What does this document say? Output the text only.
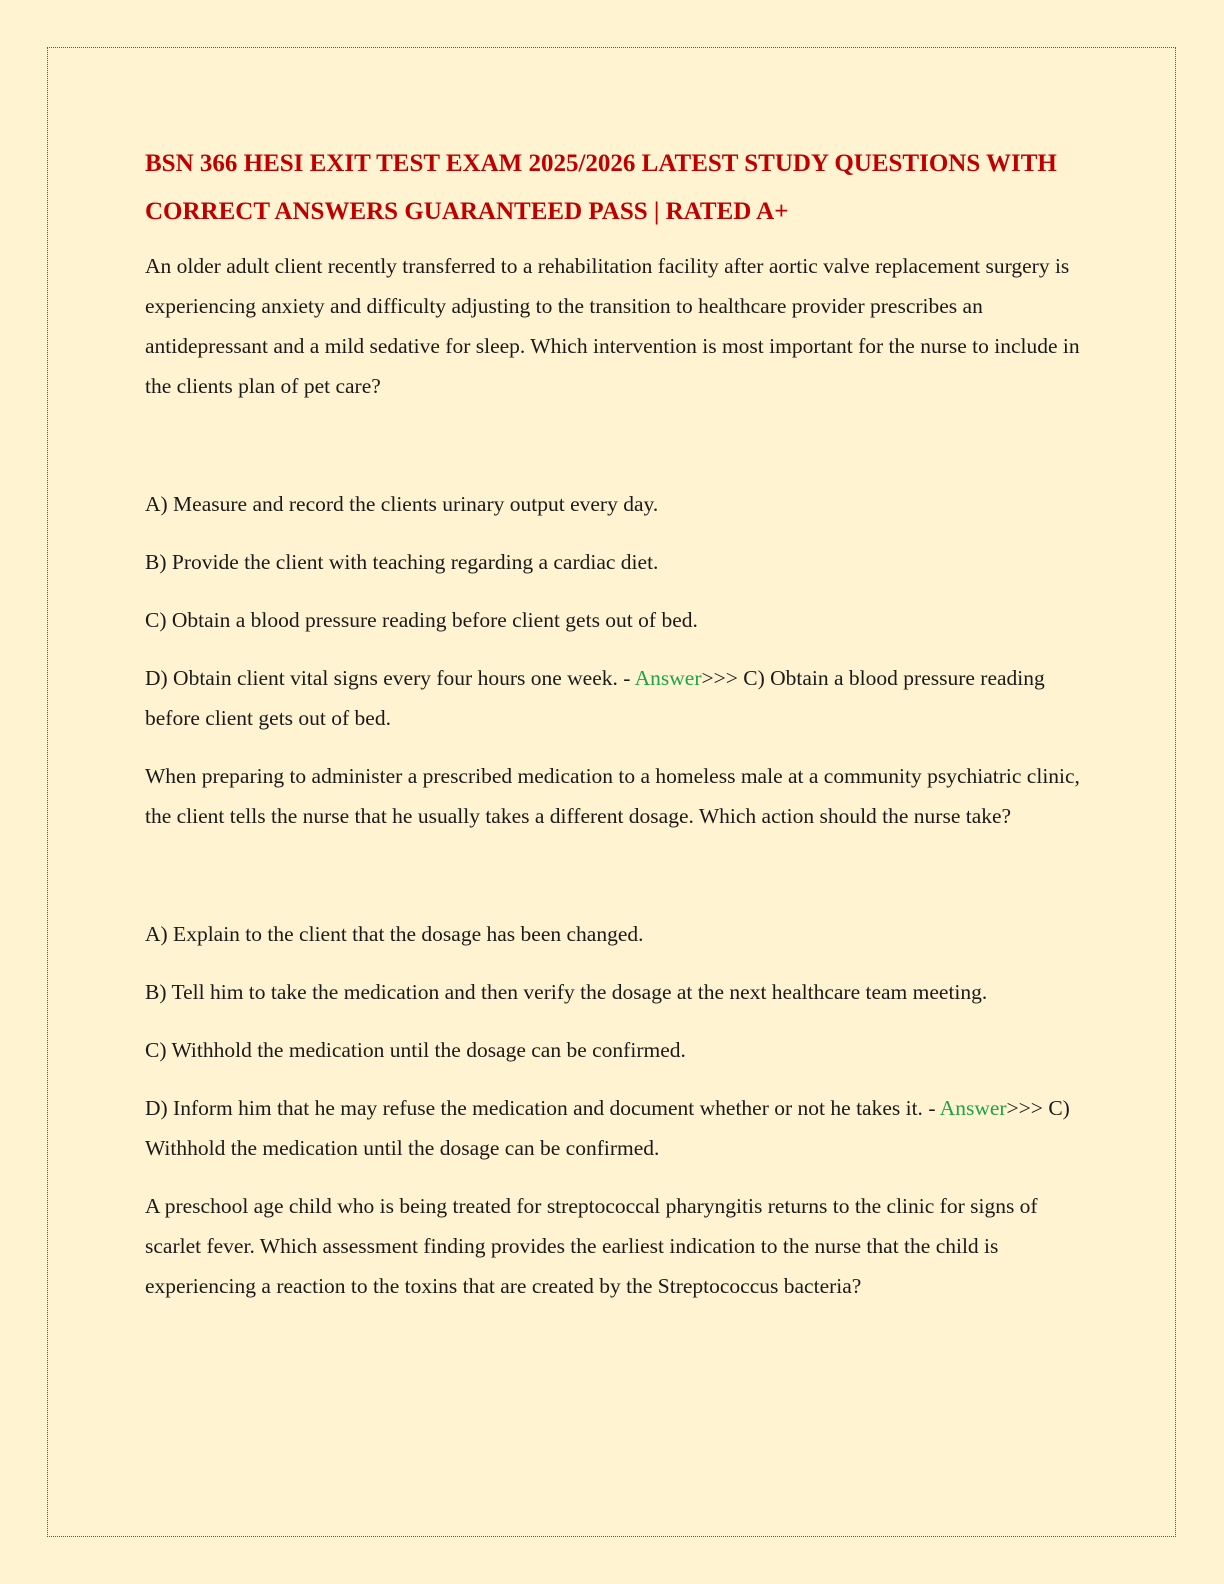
BSN 366 HESI EXIT TEST EXAM 2025/2026 LATEST STUDY QUESTIONS WITH CORRECT ANSWERS GUARANTEED PASS | RATED A+

An older adult client recently transferred to a rehabilitation facility after aortic valve replacement surgery is experiencing anxiety and difficulty adjusting to the transition to healthcare provider prescribes an antidepressant and a mild sedative for sleep. Which intervention is most important for the nurse to include in the clients plan of pet care?

A) Measure and record the clients urinary output every day.

B) Provide the client with teaching regarding a cardiac diet.

C) Obtain a blood pressure reading before client gets out of bed.

D) Obtain client vital signs every four hours one week. - Answer>>> C) Obtain a blood pressure reading before client gets out of bed.

When preparing to administer a prescribed medication to a homeless male at a community psychiatric clinic, the client tells the nurse that he usually takes a different dosage. Which action should the nurse take?

A) Explain to the client that the dosage has been changed.

B) Tell him to take the medication and then verify the dosage at the next healthcare team meeting.

C) Withhold the medication until the dosage can be confirmed.

D) Inform him that he may refuse the medication and document whether or not he takes it. - Answer>>> C) Withhold the medication until the dosage can be confirmed.

A preschool age child who is being treated for streptococcal pharyngitis returns to the clinic for signs of scarlet fever. Which assessment finding provides the earliest indication to the nurse that the child is experiencing a reaction to the toxins that are created by the Streptococcus bacteria?
